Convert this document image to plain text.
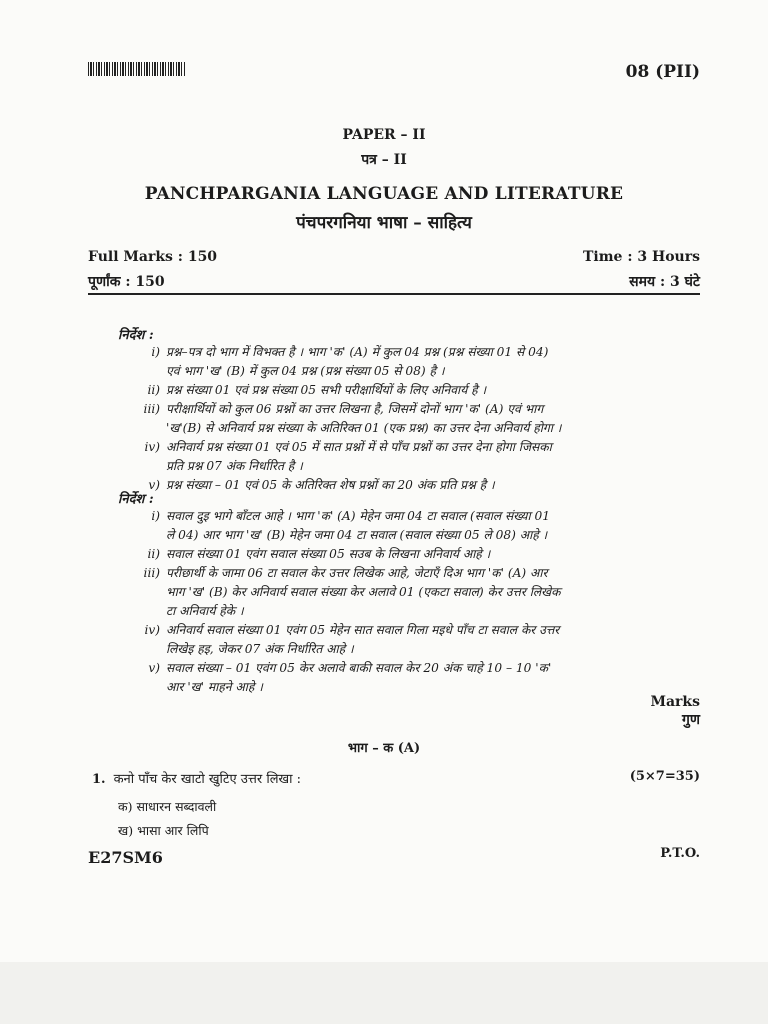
08 (PII)
PAPER – II
पत्र – II
PANCHPARGANIA LANGUAGE AND LITERATURE
पंचपरगनिया भाषा – साहित्य
Full Marks : 150
पूर्णांक : 150
Time : 3 Hours
समय : 3 घंटे
निर्देश :
i) प्रश्न–पत्र दो भाग में विभक्त है । भाग 'क' (A) में कुल 04 प्रश्न (प्रश्न संख्या 01 से 04)
एवं भाग 'ख' (B) में कुल 04 प्रश्न (प्रश्न संख्या 05 से 08) है ।
ii) प्रश्न संख्या 01 एवं प्रश्न संख्या 05 सभी परीक्षार्थियों के लिए अनिवार्य है ।
iii) परीक्षार्थियों को कुल 06 प्रश्नों का उत्तर लिखना है, जिसमें दोनों भाग 'क' (A) एवं भाग
'ख'(B) से अनिवार्य प्रश्न संख्या के अतिरिक्त 01 (एक प्रश्न) का उत्तर देना अनिवार्य होगा ।
iv) अनिवार्य प्रश्न संख्या 01 एवं 05 में सात प्रश्नों में से पाँच प्रश्नों का उत्तर देना होगा जिसका
प्रति प्रश्न 07 अंक निर्धारित है ।
v) प्रश्न संख्या – 01 एवं 05 के अतिरिक्त शेष प्रश्नों का 20 अंक प्रति प्रश्न है ।
निर्देश :
i) सवाल दुइ भागे बाँटल आहे । भाग 'क' (A) मेहेन जमा 04 टा सवाल (सवाल संख्या 01
ले 04) आर भाग 'ख' (B) मेहेन जमा 04 टा सवाल (सवाल संख्या 05 ले 08) आहे ।
ii) सवाल संख्या 01 एवंग सवाल संख्या 05 सउब के लिखना अनिवार्य आहे ।
iii) परीछार्थी के जामा 06 टा सवाल केर उत्तर लिखेक आहे, जेटाएँ दिअ भाग 'क' (A) आर
भाग 'ख' (B) केर अनिवार्य सवाल संख्या केर अलावे 01 (एकटा सवाल) केर उत्तर लिखेक
टा अनिवार्य हेके ।
iv) अनिवार्य सवाल संख्या 01 एवंग 05 मेहेन सात सवाल गिला मइधे पाँच टा सवाल केर उत्तर
लिखेइ हइ, जेकर 07 अंक निर्धारित आहे ।
v) सवाल संख्या – 01 एवंग 05 केर अलावे बाकी सवाल केर 20 अंक चाहे 10 – 10 'क'
आर 'ख' माहने आहे ।
Marks
गुण
भाग – क (A)
1. कनो पाँच केर खाटो खुटिए उत्तर लिखा :	(5×7=35)
क) साधारन सब्दावली
ख) भासा आर लिपि
E27SM6	P.T.O.
